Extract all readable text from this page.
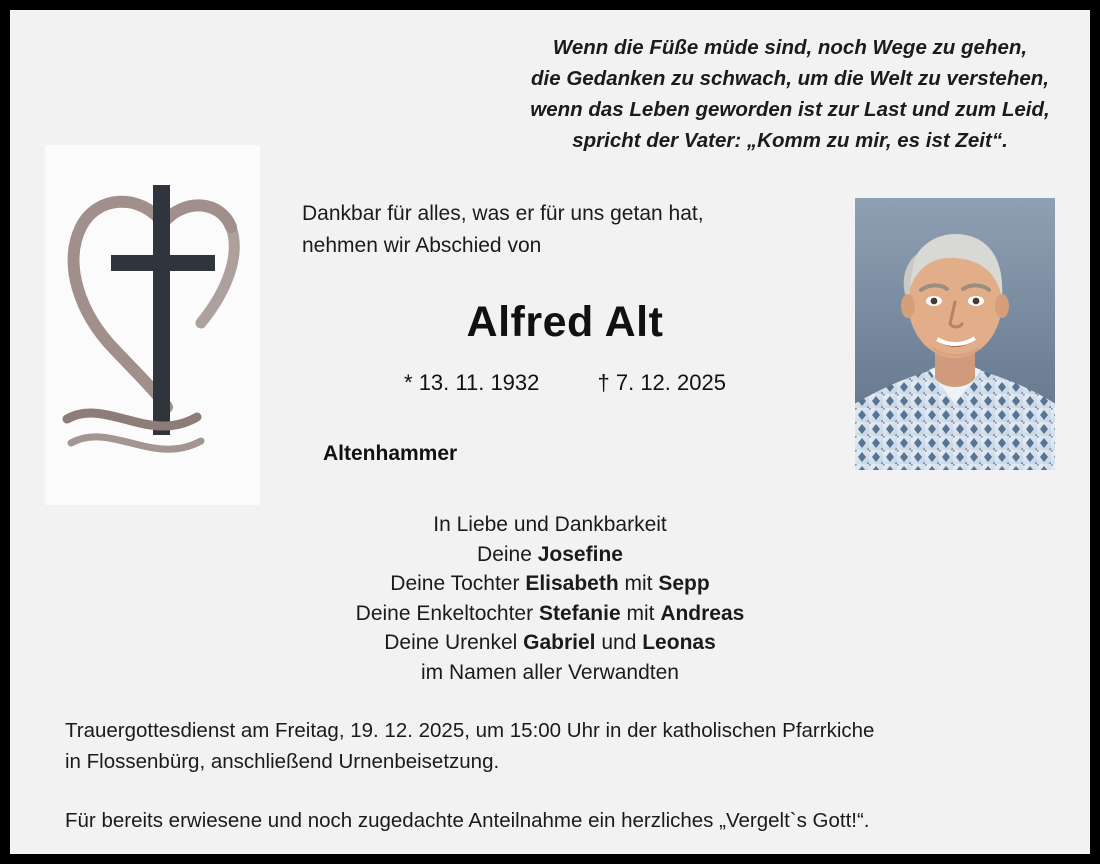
Wenn die Füße müde sind, noch Wege zu gehen,
die Gedanken zu schwach, um die Welt zu verstehen,
wenn das Leben geworden ist zur Last und zum Leid,
spricht der Vater: „Komm zu mir, es ist Zeit“.
Dankbar für alles, was er für uns getan hat,
nehmen wir Abschied von
Alfred Alt
* 13. 11. 1932	† 7. 12. 2025
Altenhammer
In Liebe und Dankbarkeit
Deine Josefine
Deine Tochter Elisabeth mit Sepp
Deine Enkeltochter Stefanie mit Andreas
Deine Urenkel Gabriel und Leonas
im Namen aller Verwandten
Trauergottesdienst am Freitag, 19. 12. 2025, um 15:00 Uhr in der katholischen Pfarrkiche
in Flossenbürg, anschließend Urnenbeisetzung.
Für bereits erwiesene und noch zugedachte Anteilnahme ein herzliches „Vergelt`s Gott!“.
